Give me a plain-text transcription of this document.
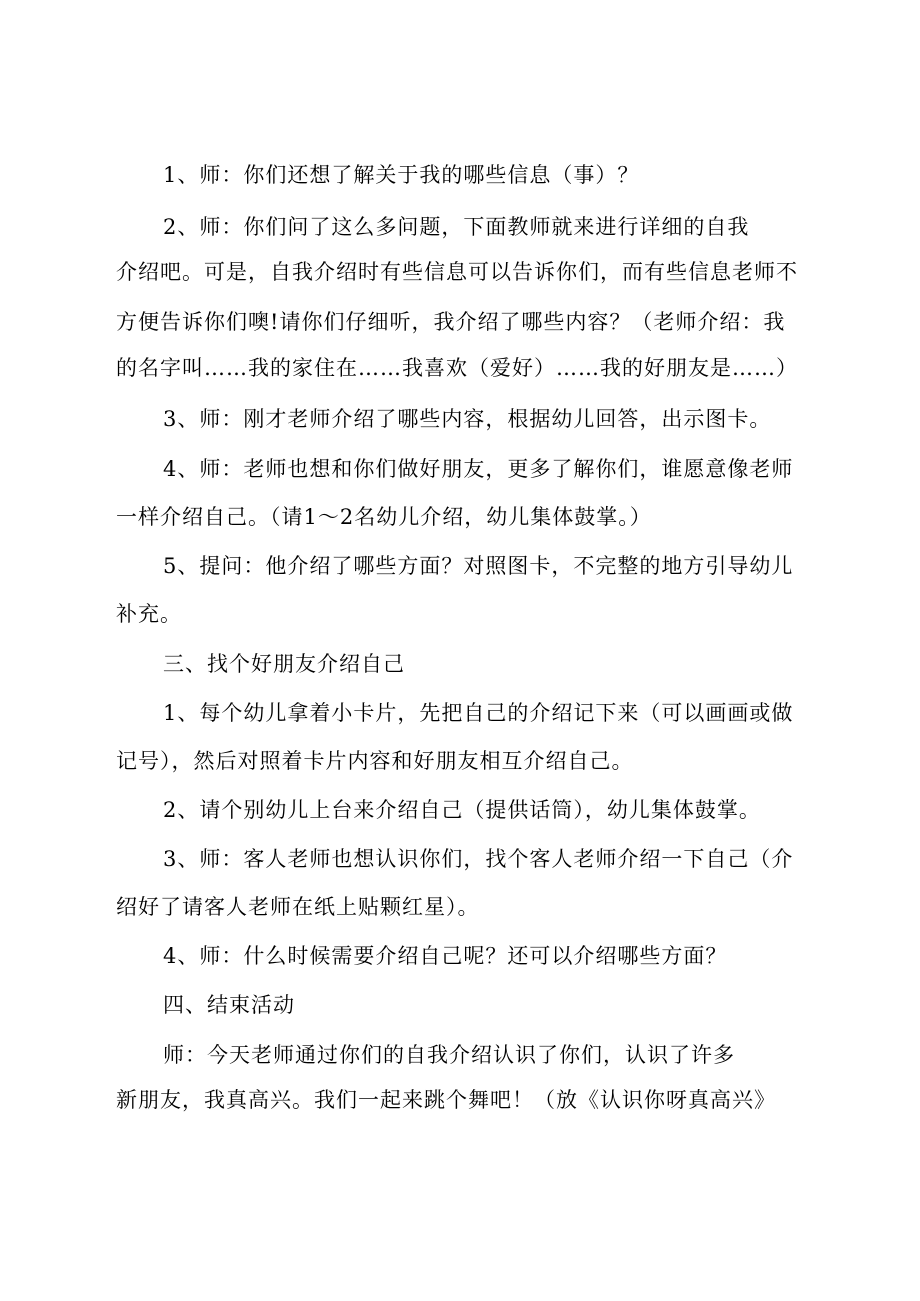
1、师：你们还想了解关于我的哪些信息（事）？
2、师：你们问了这么多问题，下面教师就来进行详细的自我
介绍吧。可是，自我介绍时有些信息可以告诉你们，而有些信息老师不
方便告诉你们噢!请你们仔细听，我介绍了哪些内容？（老师介绍：我
的名字叫……我的家住在……我喜欢（爱好）……我的好朋友是……）
3、师：刚才老师介绍了哪些内容，根据幼儿回答，出示图卡。
4、师：老师也想和你们做好朋友，更多了解你们，谁愿意像老师
一样介绍自己。（请1～2名幼儿介绍，幼儿集体鼓掌。）
5、提问：他介绍了哪些方面？对照图卡，不完整的地方引导幼儿
补充。
三、找个好朋友介绍自己
1、每个幼儿拿着小卡片，先把自己的介绍记下来（可以画画或做
记号），然后对照着卡片内容和好朋友相互介绍自己。
2、请个别幼儿上台来介绍自己（提供话筒），幼儿集体鼓掌。
3、师：客人老师也想认识你们，找个客人老师介绍一下自己（介
绍好了请客人老师在纸上贴颗红星）。
4、师：什么时候需要介绍自己呢？还可以介绍哪些方面？
四、结束活动
师：今天老师通过你们的自我介绍认识了你们，认识了许多
新朋友，我真高兴。我们一起来跳个舞吧！（放《认识你呀真高兴》
